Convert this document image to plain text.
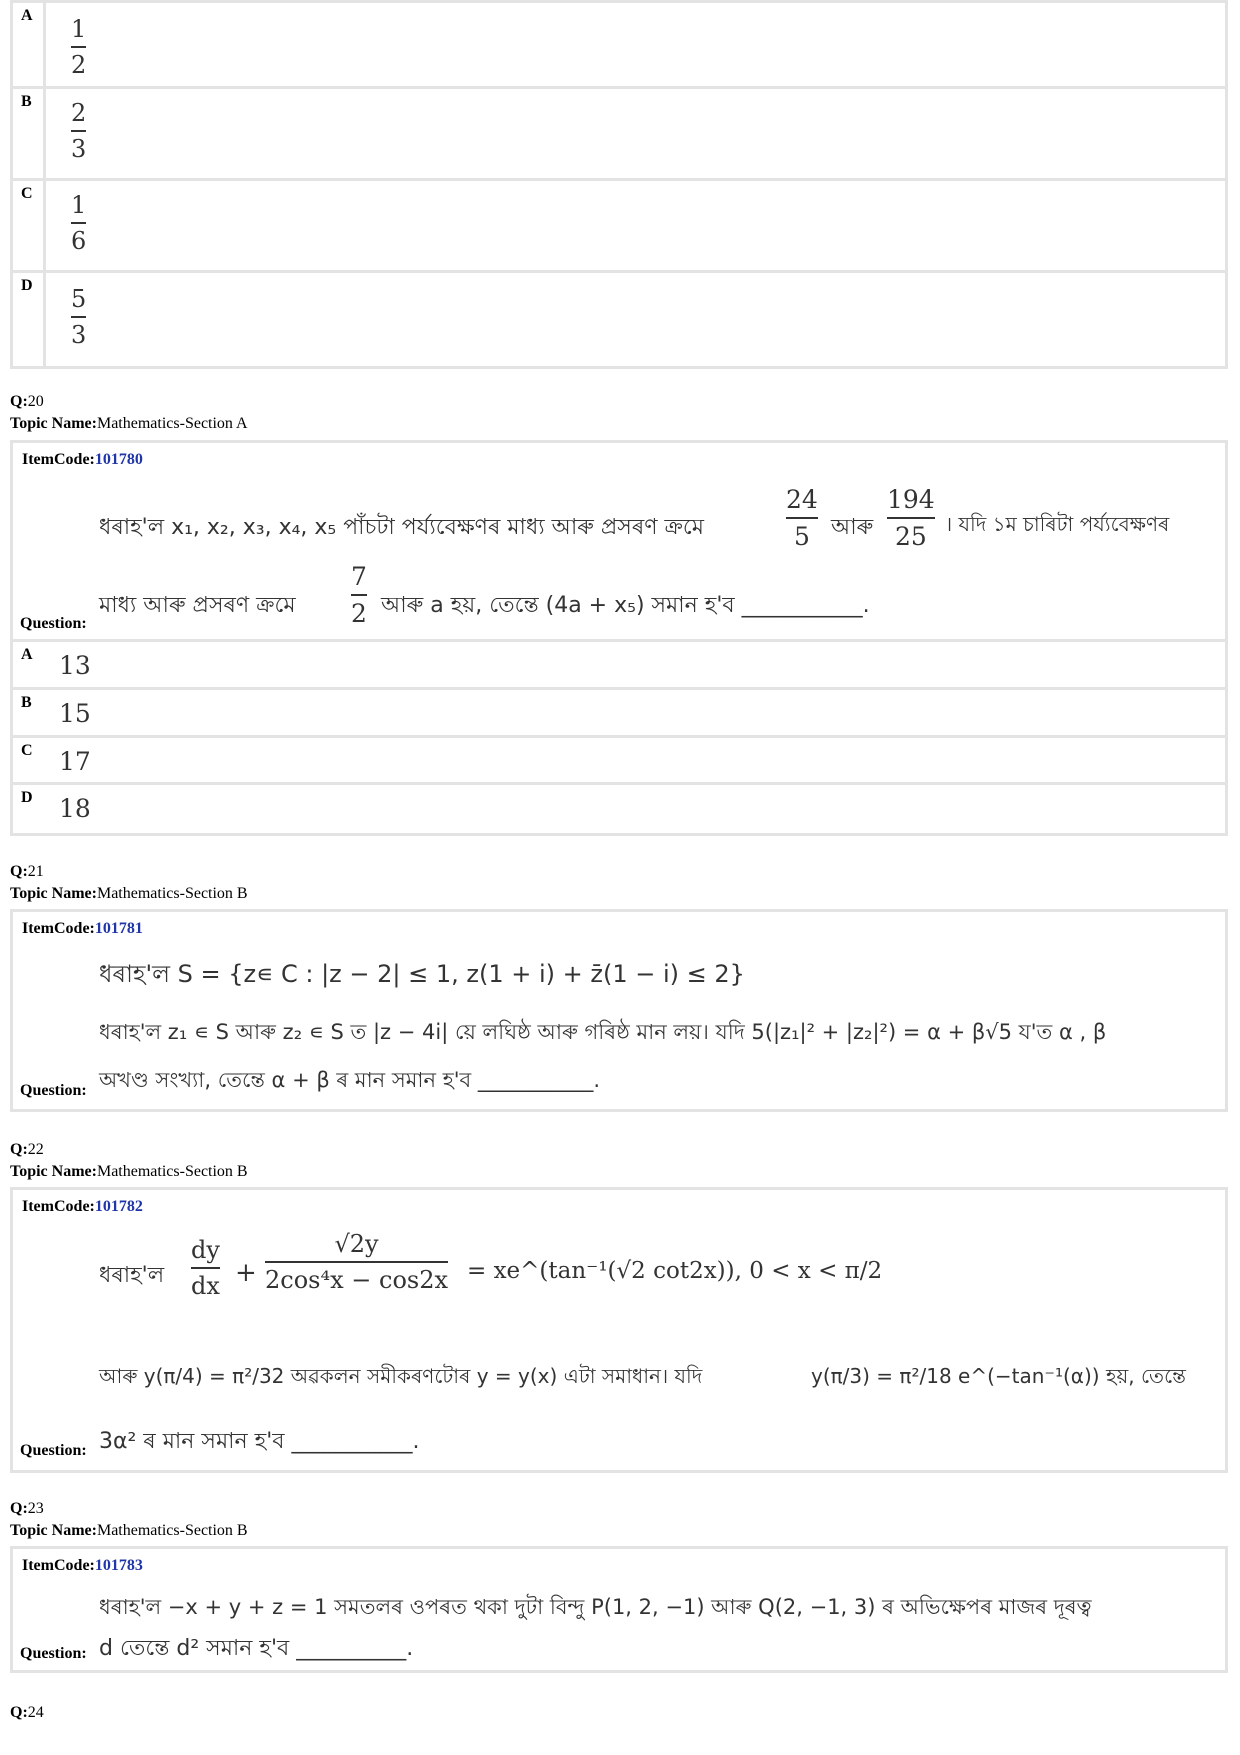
A 1
2
B 2
3
C 1
6
D 5
3
Q:20
Topic Name:Mathematics-Section A
ItemCode:101780
ধৰাহ'ল x₁, x₂, x₃, x₄, x₅ পাঁচটা পৰ্য্যবেক্ষণৰ মাধ্য আৰু প্ৰসৰণ ক্ৰমে
24
5 আৰু
194
25 । যদি ১ম চাৰিটা পৰ্য্যবেক্ষণৰ
মাধ্য আৰু প্ৰসৰণ ক্ৰমে
7
2 আৰু a হয়, তেন্তে (4a + x₅) সমান হ'ব ___________.
Question:
A 13
B 15
C 17
D 18
Q:21
Topic Name:Mathematics-Section B
ItemCode:101781
ধৰাহ'ল S = {z∊ C : |z − 2| ≤ 1, z(1 + i) + z̄(1 − i) ≤ 2}
ধৰাহ'ল z₁ ∊ S আৰু z₂ ∊ S ত |z − 4i| য়ে লঘিষ্ঠ আৰু গৰিষ্ঠ মান লয়। যদি 5(|z₁|² + |z₂|²) = α + β√5 য'ত α , β
অখণ্ড সংখ্যা, তেন্তে α + β ৰ মান সমান হ'ব ___________.
Question:
Q:22
Topic Name:Mathematics-Section B
ItemCode:101782
ধৰাহ'ল
dy
dx +
√2y
2cos⁴x − cos2x = xe^(tan⁻¹(√2 cot2x)), 0 < x < π/2
আৰু y(π/4) = π²/32 অৱকলন সমীকৰণটোৰ y = y(x) এটা সমাধান। যদি	y(π/3) = π²/18 e^(−tan⁻¹(α)) হয়, তেন্তে
3α² ৰ মান সমান হ'ব ___________.
Question:
Q:23
Topic Name:Mathematics-Section B
ItemCode:101783
ধৰাহ'ল −x + y + z = 1 সমতলৰ ওপৰত থকা দুটা বিন্দু P(1, 2, −1) আৰু Q(2, −1, 3) ৰ অভিক্ষেপৰ মাজৰ দূৰত্ব
d তেন্তে d² সমান হ'ব __________.
Question:
Q:24
